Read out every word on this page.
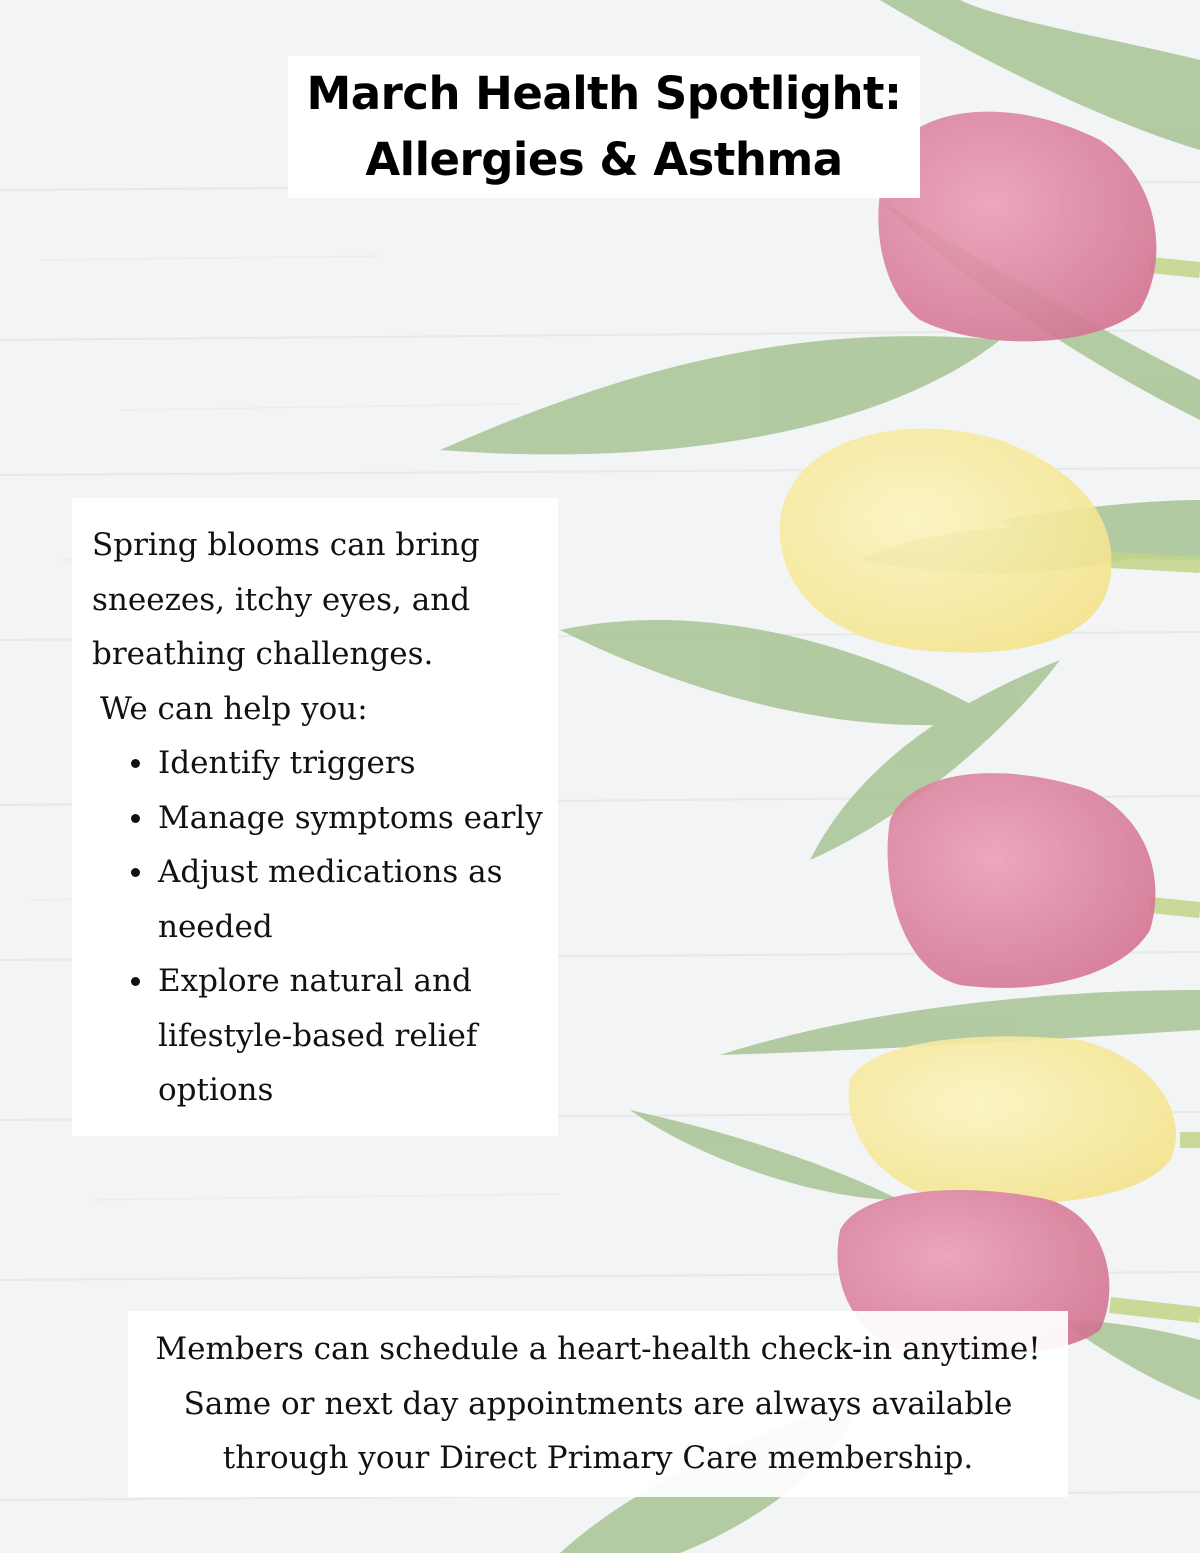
March Health Spotlight:
Allergies & Asthma

Spring blooms can bring
sneezes, itchy eyes, and
breathing challenges.

We can help you:

Identify triggers
Manage symptoms early
Adjust medications as
needed
Explore natural and
lifestyle-based relief
options
Members can schedule a heart-health check-in anytime!
Same or next day appointments are always available
through your Direct Primary Care membership.
